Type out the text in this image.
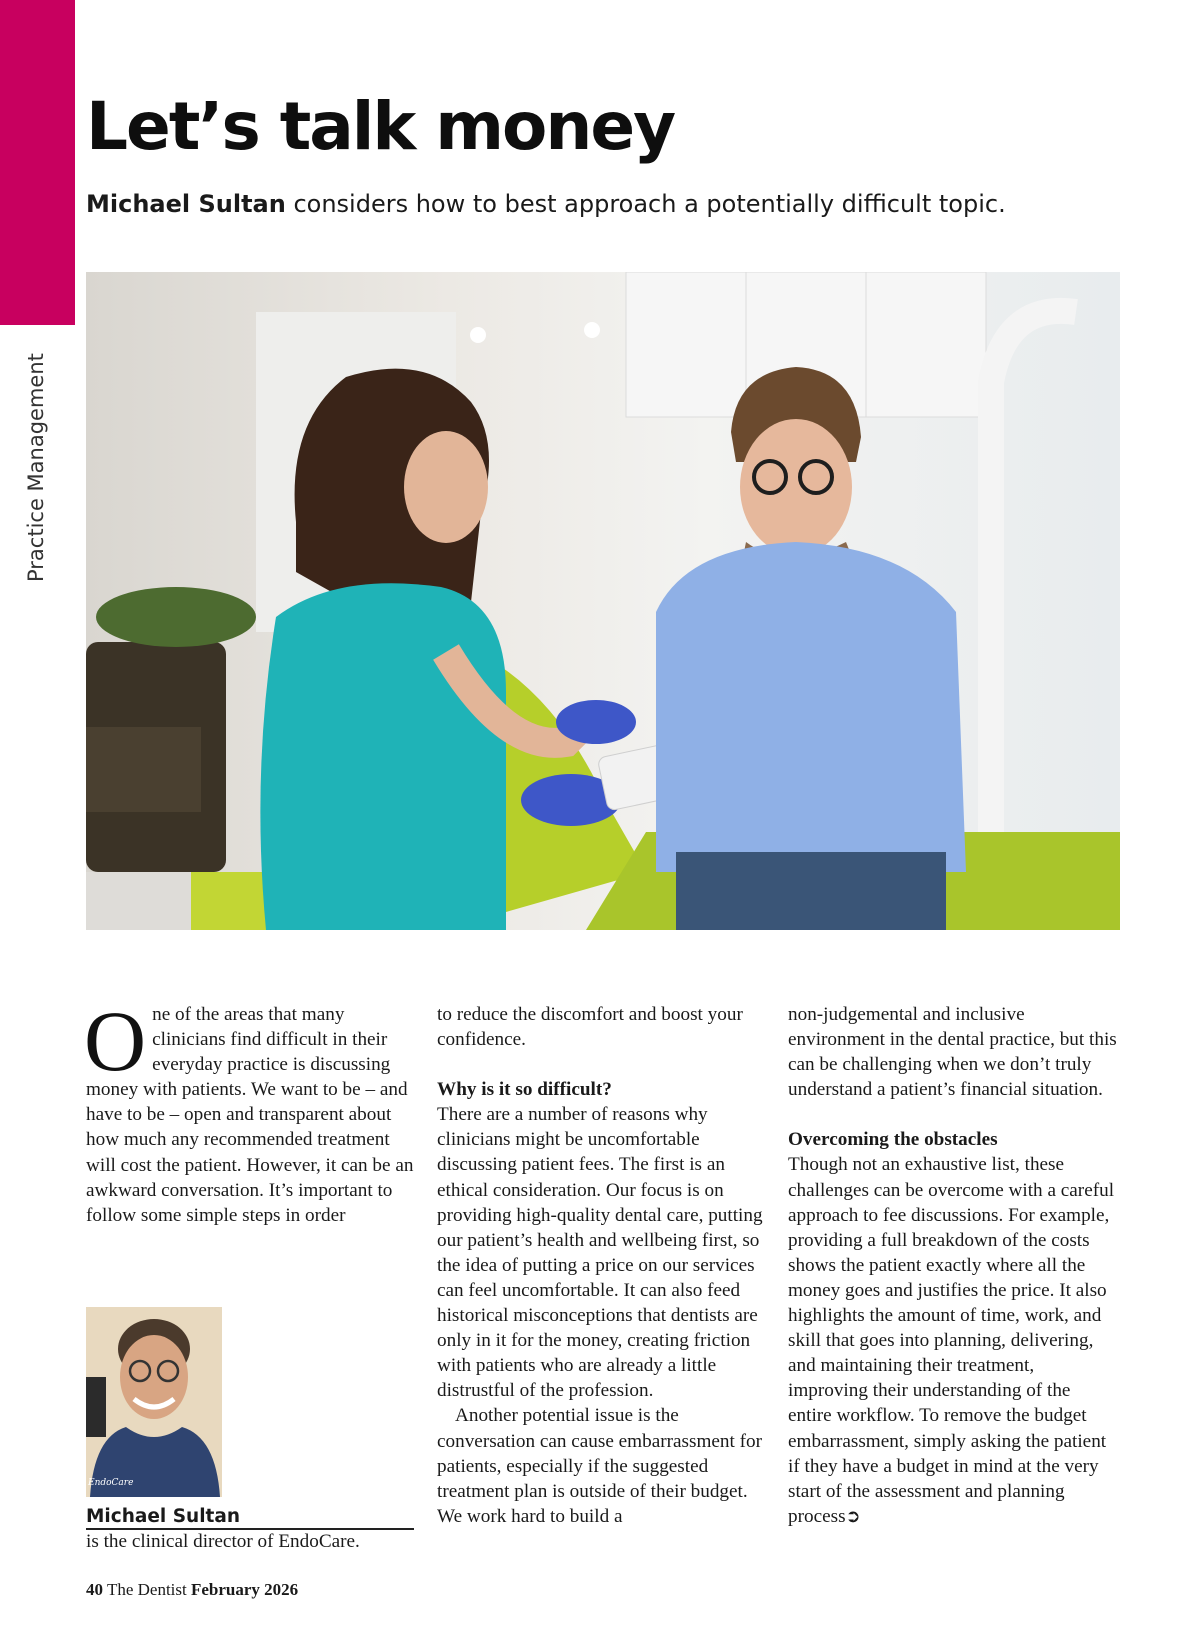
Practice Management
Let’s talk money

Michael Sultan considers how to best approach a potentially difficult topic.

One of the areas that many clinicians find difficult in their everyday practice is discussing money with patients. We want to be – and have to be – open and transparent about how much any recommended treatment will cost the patient. However, it can be an awkward conversation. It’s important to follow some simple steps in order

to reduce the discomfort and boost your confidence.

Why is it so difficult?

There are a number of reasons why clinicians might be uncomfortable discussing patient fees. The first is an ethical consideration. Our focus is on providing high-quality dental care, putting our patient’s health and wellbeing first, so the idea of putting a price on our services can feel uncomfortable. It can also feed historical misconceptions that dentists are only in it for the money, creating friction with patients who are already a little distrustful of the profession.

Another potential issue is the conversation can cause embarrassment for patients, especially if the suggested treatment plan is outside of their budget. We work hard to build a

non-judgemental and inclusive environment in the dental practice, but this can be challenging when we don’t truly understand a patient’s financial situation.

Overcoming the obstacles

Though not an exhaustive list, these challenges can be overcome with a careful approach to fee discussions. For example, providing a full breakdown of the costs shows the patient exactly where all the money goes and justifies the price. It also highlights the amount of time, work, and skill that goes into planning, delivering, and maintaining their treatment, improving their understanding of the entire workflow. To remove the budget embarrassment, simply asking the patient if they have a budget in mind at the very start of the assessment and planning process➲

EndoCare
Michael Sultan
is the clinical director of EndoCare.
40 The Dentist February 2026
